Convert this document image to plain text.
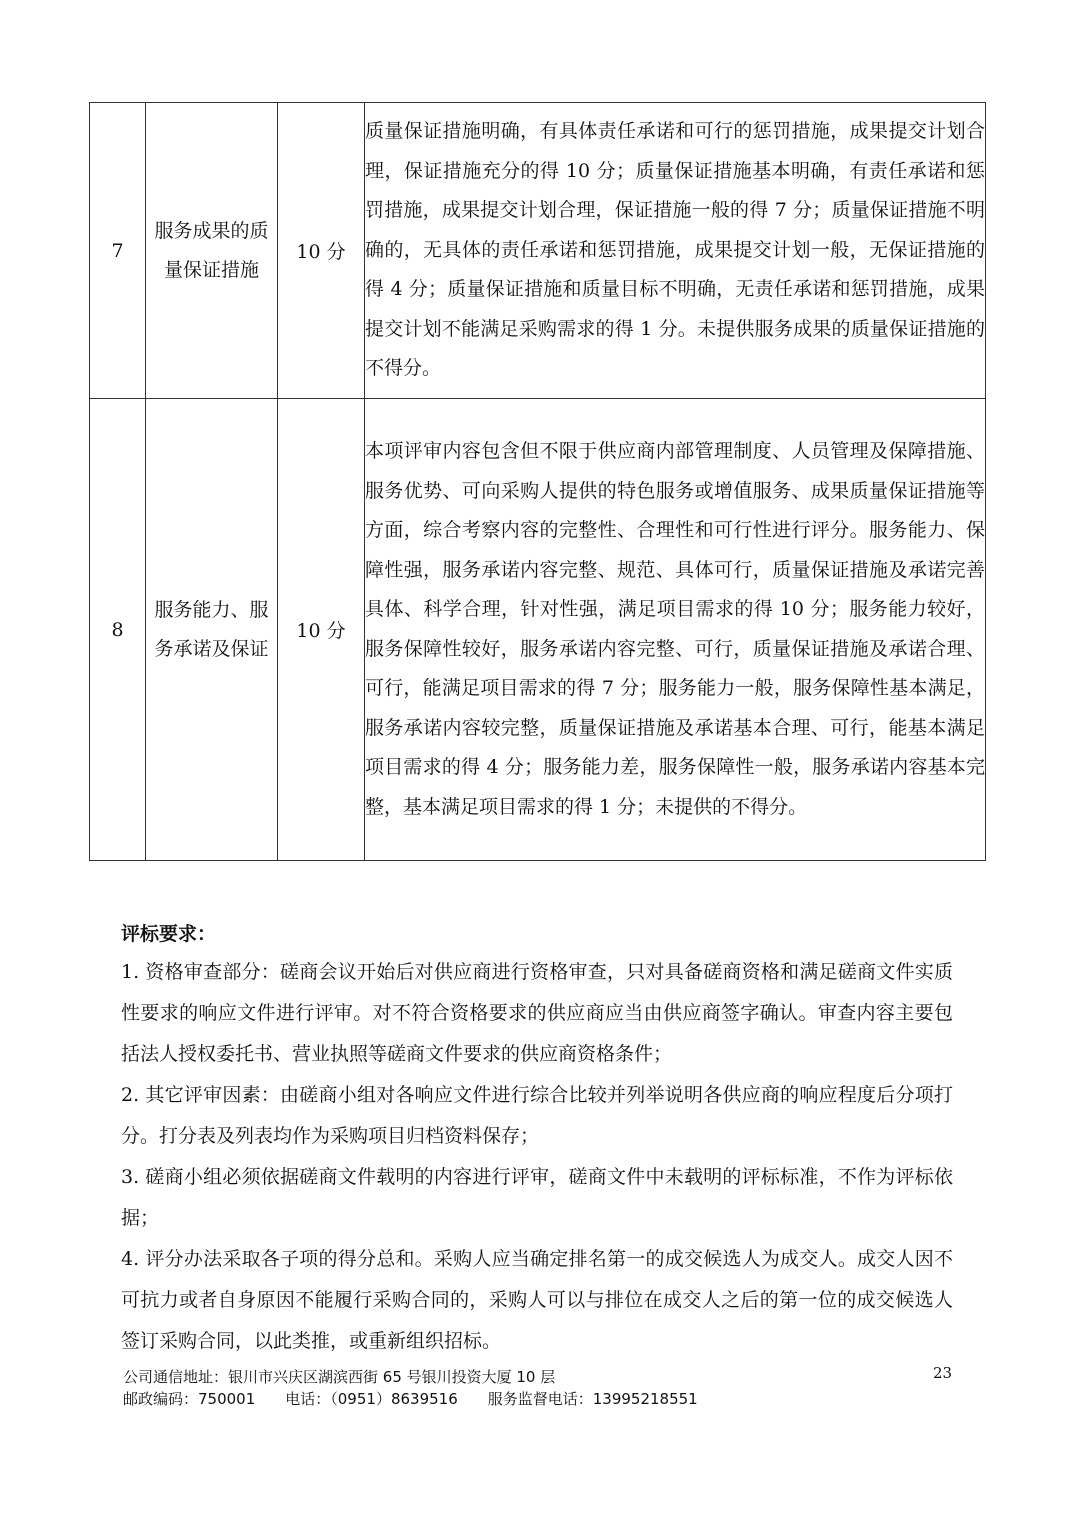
7	服务成果的质量保证措施	10 分	质量保证措施明确，有具体责任承诺和可行的惩罚措施，成果提交计划合理，保证措施充分的得 10 分；质量保证措施基本明确，有责任承诺和惩罚措施，成果提交计划合理，保证措施一般的得 7 分；质量保证措施不明确的，无具体的责任承诺和惩罚措施，成果提交计划一般，无保证措施的得 4 分；质量保证措施和质量目标不明确，无责任承诺和惩罚措施，成果提交计划不能满足采购需求的得 1 分。未提供服务成果的质量保证措施的不得分。
8	服务能力、服务承诺及保证	10 分	本项评审内容包含但不限于供应商内部管理制度、人员管理及保障措施、服务优势、可向采购人提供的特色服务或增值服务、成果质量保证措施等方面，综合考察内容的完整性、合理性和可行性进行评分。服务能力、保障性强，服务承诺内容完整、规范、具体可行，质量保证措施及承诺完善具体、科学合理，针对性强，满足项目需求的得 10 分；服务能力较好，服务保障性较好，服务承诺内容完整、可行，质量保证措施及承诺合理、可行，能满足项目需求的得 7 分；服务能力一般，服务保障性基本满足，服务承诺内容较完整，质量保证措施及承诺基本合理、可行，能基本满足项目需求的得 4 分；服务能力差，服务保障性一般，服务承诺内容基本完整，基本满足项目需求的得 1 分；未提供的不得分。
评标要求：
1. 资格审查部分：磋商会议开始后对供应商进行资格审查，只对具备磋商资格和满足磋商文件实质性要求的响应文件进行评审。对不符合资格要求的供应商应当由供应商签字确认。审查内容主要包括法人授权委托书、营业执照等磋商文件要求的供应商资格条件；
2. 其它评审因素：由磋商小组对各响应文件进行综合比较并列举说明各供应商的响应程度后分项打分。打分表及列表均作为采购项目归档资料保存；
3. 磋商小组必须依据磋商文件载明的内容进行评审，磋商文件中未载明的评标标准，不作为评标依据；
4. 评分办法采取各子项的得分总和。采购人应当确定排名第一的成交候选人为成交人。成交人因不可抗力或者自身原因不能履行采购合同的，采购人可以与排位在成交人之后的第一位的成交候选人签订采购合同，以此类推，或重新组织招标。
公司通信地址：银川市兴庆区湖滨西街 65 号银川投资大厦 10 层
邮政编码：750001 电话：（0951）8639516 服务监督电话：13995218551
23
